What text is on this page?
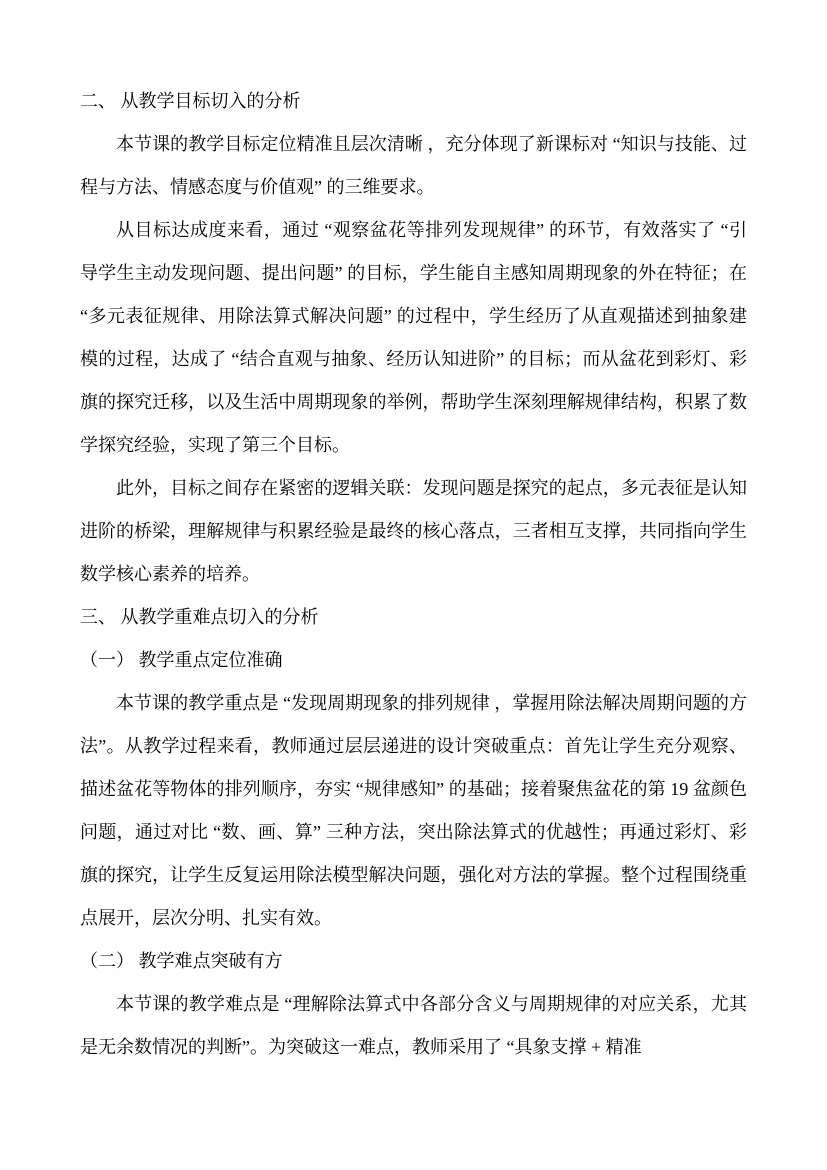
二、 从教学目标切入的分析

本节课的教学目标定位精准且层次清晰 ，充分体现了新课标对 “知识与技能、过程与方法、情感态度与价值观” 的三维要求。

从目标达成度来看，通过 “观察盆花等排列发现规律” 的环节，有效落实了 “引导学生主动发现问题、提出问题” 的目标，学生能自主感知周期现象的外在特征；在 “多元表征规律、用除法算式解决问题” 的过程中，学生经历了从直观描述到抽象建模的过程，达成了 “结合直观与抽象、经历认知进阶” 的目标；而从盆花到彩灯、彩旗的探究迁移，以及生活中周期现象的举例，帮助学生深刻理解规律结构，积累了数学探究经验，实现了第三个目标。

此外，目标之间存在紧密的逻辑关联：发现问题是探究的起点，多元表征是认知进阶的桥梁，理解规律与积累经验是最终的核心落点，三者相互支撑，共同指向学生数学核心素养的培养。

三、 从教学重难点切入的分析
（一） 教学重点定位准确

本节课的教学重点是 “发现周期现象的排列规律 ，掌握用除法解决周期问题的方法”。从教学过程来看，教师通过层层递进的设计突破重点：首先让学生充分观察、描述盆花等物体的排列顺序，夯实 “规律感知” 的基础；接着聚焦盆花的第 19 盆颜色问题，通过对比 “数、画、算” 三种方法，突出除法算式的优越性；再通过彩灯、彩旗的探究，让学生反复运用除法模型解决问题，强化对方法的掌握。整个过程围绕重点展开，层次分明、扎实有效。

（二） 教学难点突破有方

本节课的教学难点是 “理解除法算式中各部分含义与周期规律的对应关系，尤其是无余数情况的判断”。为突破这一难点，教师采用了 “具象支撑 + 精准
